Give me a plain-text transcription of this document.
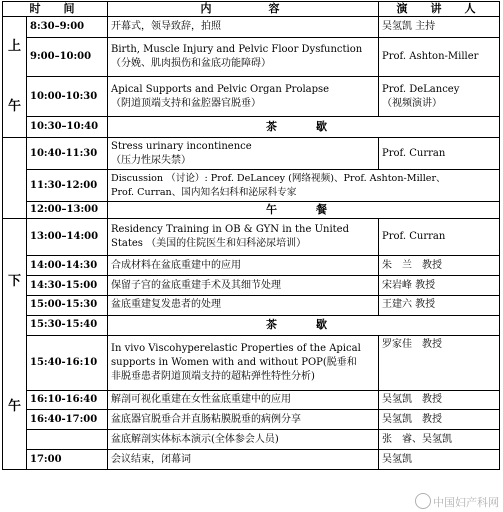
时　间		内　　　容	演　讲　人

上
午	8:30–9:00	开幕式，领导致辞，拍照	吴氢凯 主持

	9:00–10:00	Birth, Muscle Injury and Pelvic Floor Dysfunction
（分娩、肌肉损伤和盆底功能障碍）	Prof. Ashton-Miller

	10:00-10:30	Apical Supports and Pelvic Organ Prolapse
（阴道顶端支持和盆腔器官脱垂）	Prof. DeLancey
（视频演讲）

	10:30–10:40	茶　歇	
	10:40-11:30	Stress urinary incontinence
（压力性尿失禁）	Prof. Curran

	11:30-12:00	Discussion （讨论）: Prof. DeLancey (网络视频)、Prof. Ashton-Miller、
Prof. Curran、国内知名妇科和泌尿科专家	

	12:00–13:00	午　餐	

下
午	13:00–14:00	Residency Training in OB & GYN in the United
States （美国的住院医生和妇科泌尿培训）	Prof. Curran

	14:00-14:30	合成材料在盆底重建中的应用	朱　兰　教授

	14:30-15:00	保留子宫的盆底重建手术及其细节处理	宋岩峰 教授

	15:00-15:30	盆底重建复发患者的处理	王建六 教授

	15:30-15:40	茶　歇	
	15:40-16:10	In vivo Viscohyperelastic Properties of the Apical
supports in Women with and without POP(脱垂和
非脱垂患者阴道顶端支持的超粘弹性特性分析)	罗家佳　教授

	16:10-16:40	解剖可视化重建在女性盆底重建中的应用	吴氢凯　教授

	16:40-17:00	盆底器官脱垂合并直肠粘膜脱垂的病例分享	吴氢凯　教授

		盆底解剖实体标本演示(全体参会人员)	张　睿、吴氢凯

	17:00	会议结束，闭幕词	吴氢凯
中国妇产科网
